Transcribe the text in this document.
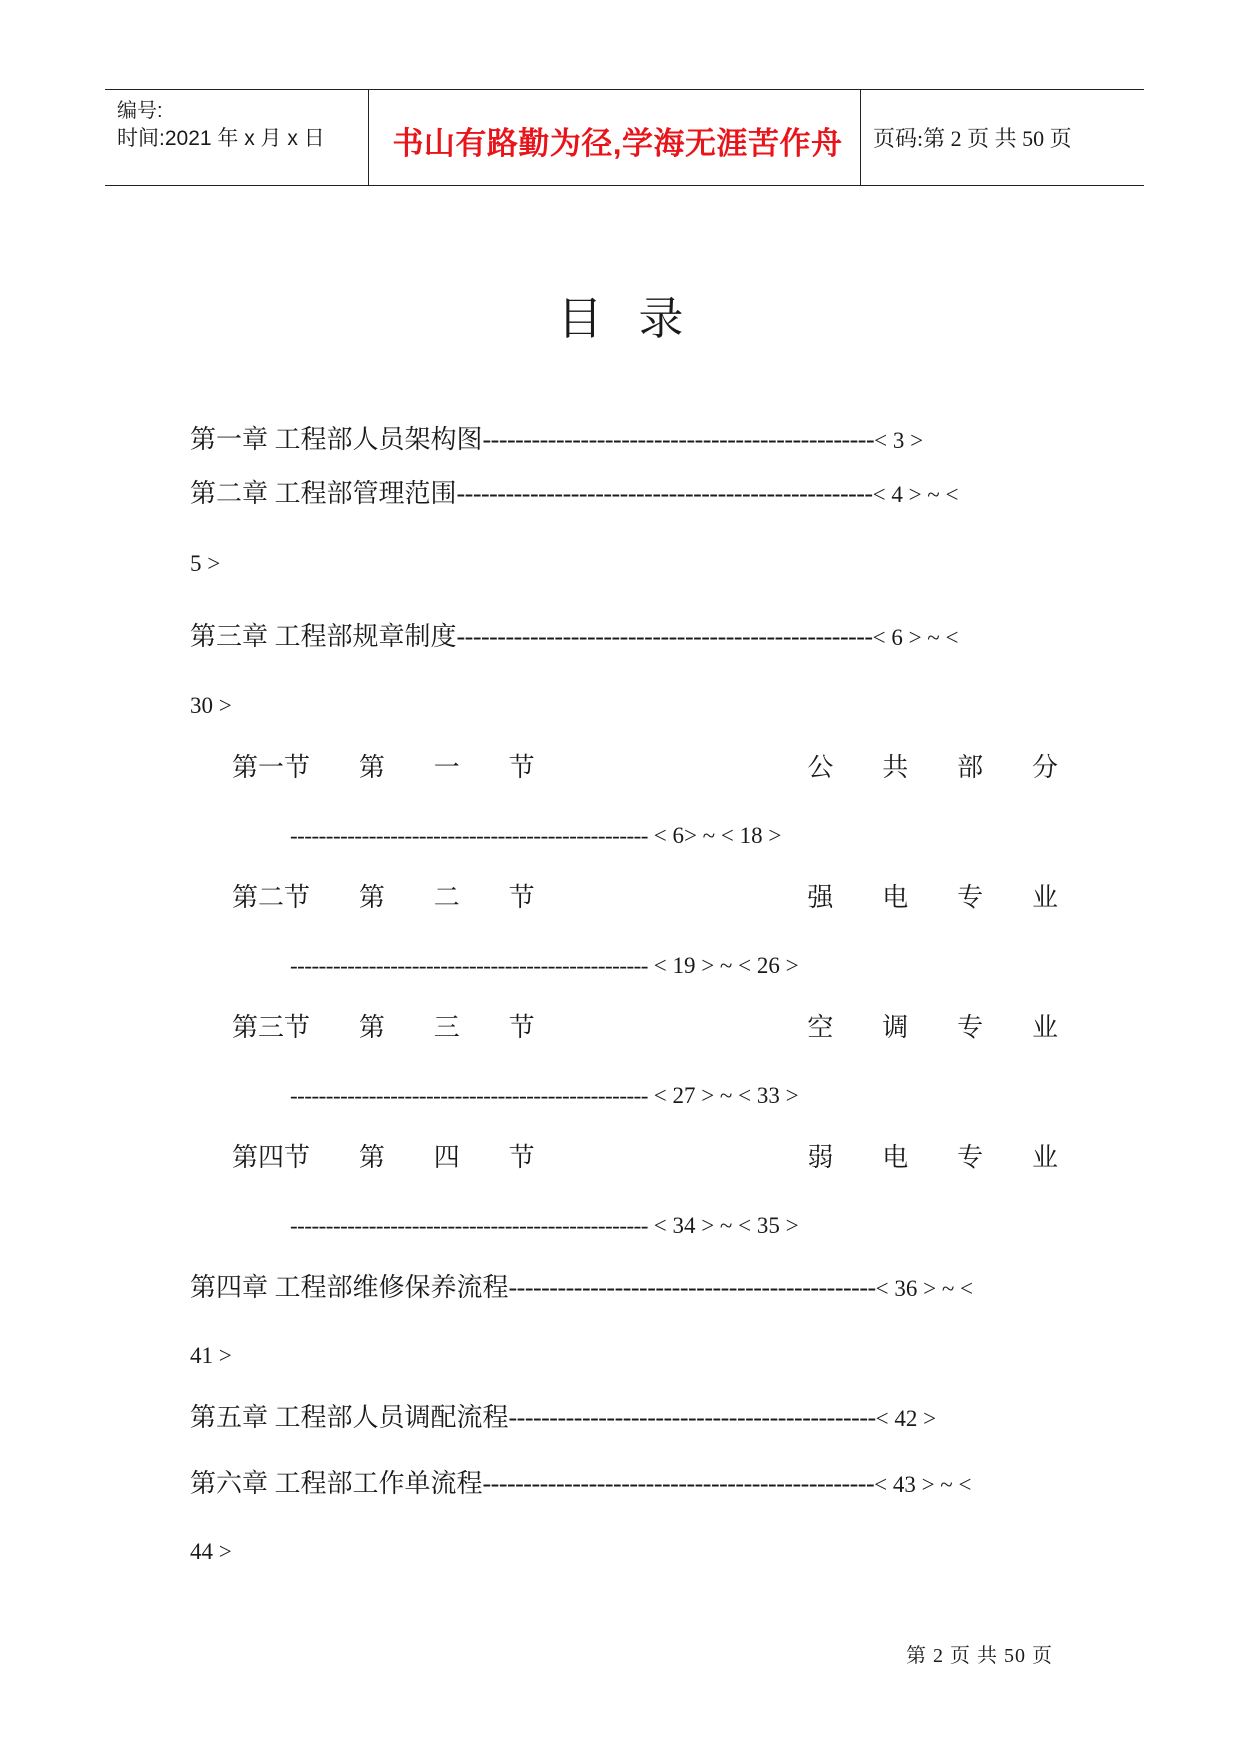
编号:
时间:2021 年 x 月 x 日	书山有路勤为径,学海无涯苦作舟	页码:第 2 页 共 50 页
目录
第一章 工程部人员架构图------------------------------------------------< 3 >
第二章 工程部管理范围---------------------------------------------------< 4 > ~ <
5 >
第三章 工程部规章制度---------------------------------------------------< 6 > ~ <
30 >
第一节 第 一 节	公 共 部 分
-------------------------------------------------- < 6> ~ < 18 >
第二节 第 二 节	强 电 专 业
-------------------------------------------------- < 19 > ~ < 26 >
第三节 第 三 节	空 调 专 业
-------------------------------------------------- < 27 > ~ < 33 >
第四节 第 四 节	弱 电 专 业
-------------------------------------------------- < 34 > ~ < 35 >
第四章 工程部维修保养流程---------------------------------------------< 36 > ~ <
41 >
第五章 工程部人员调配流程---------------------------------------------< 42 >
第六章 工程部工作单流程------------------------------------------------< 43 > ~ <
44 >
第 2 页 共 50 页
